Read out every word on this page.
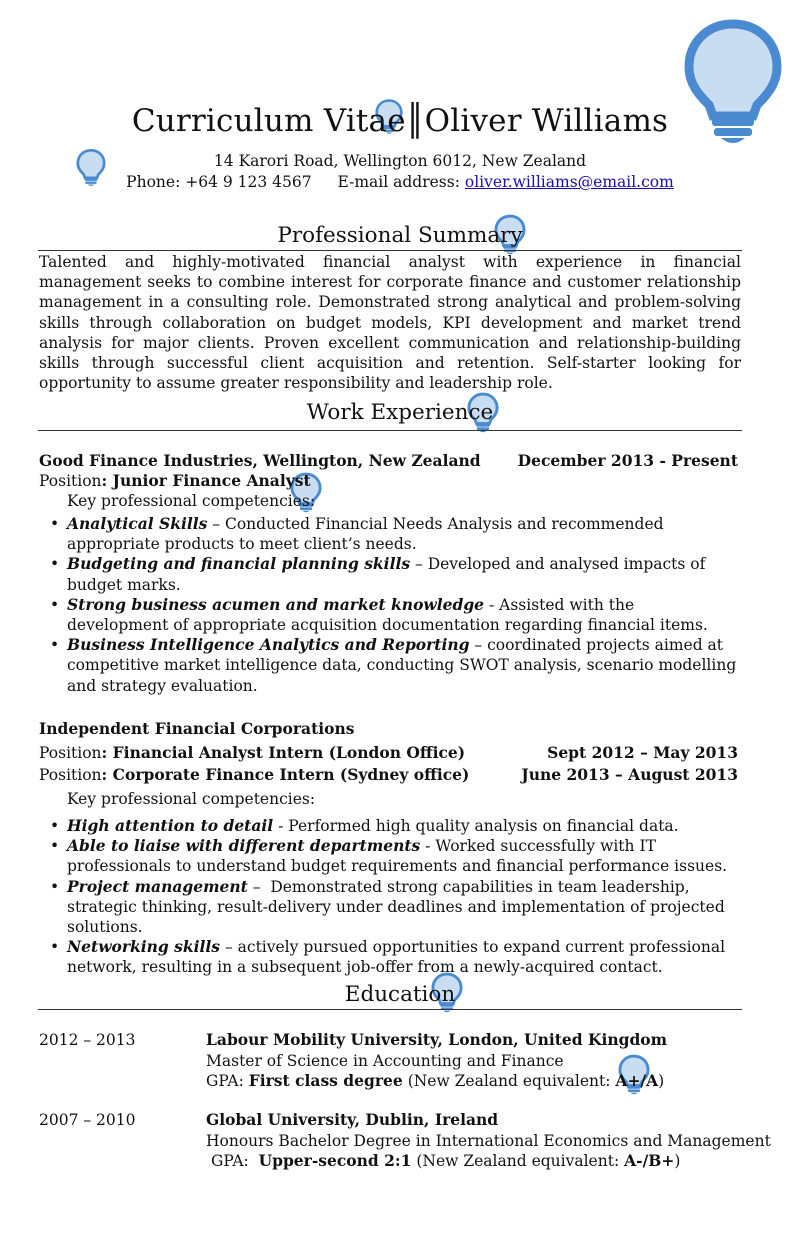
Curriculum Vitae║Oliver Williams
14 Karori Road, Wellington 6012, New Zealand
Phone: +64 9 123 4567 E-mail address: oliver.williams@email.com
Professional Summary
Talented and highly-motivated financial analyst with experience in financial management seeks to combine interest for corporate finance and customer relationship management in a consulting role. Demonstrated strong analytical and problem-solving skills through collaboration on budget models, KPI development and market trend analysis for major clients. Proven excellent communication and relationship-building skills through successful client acquisition and retention. Self-starter looking for opportunity to assume greater responsibility and leadership role.
Work Experience
Good Finance Industries, Wellington, New Zealand December 2013 - Present
Position: Junior Finance Analyst
Key professional competencies:
• Analytical Skills – Conducted Financial Needs Analysis and recommended appropriate products to meet client’s needs.
• Budgeting and financial planning skills – Developed and analysed impacts of budget marks.
• Strong business acumen and market knowledge - Assisted with the development of appropriate acquisition documentation regarding financial items.
• Business Intelligence Analytics and Reporting – coordinated projects aimed at competitive market intelligence data, conducting SWOT analysis, scenario modelling and strategy evaluation.
Independent Financial Corporations
Position: Financial Analyst Intern (London Office)	Sept 2012 – May 2013
Position: Corporate Finance Intern (Sydney office)	June 2013 – August 2013
Key professional competencies:
• High attention to detail - Performed high quality analysis on financial data.
• Able to liaise with different departments - Worked successfully with IT professionals to understand budget requirements and financial performance issues.
• Project management –  Demonstrated strong capabilities in team leadership, strategic thinking, result-delivery under deadlines and implementation of projected solutions.
• Networking skills – actively pursued opportunities to expand current professional network, resulting in a subsequent job-offer from a newly-acquired contact.
Education
2012 – 2013	Labour Mobility University, London, United Kingdom
Master of Science in Accounting and Finance
GPA: First class degree (New Zealand equivalent: A+/A)
2007 – 2010	Global University, Dublin, Ireland
Honours Bachelor Degree in International Economics and Management
GPA: Upper-second 2:1 (New Zealand equivalent: A-/B+)
